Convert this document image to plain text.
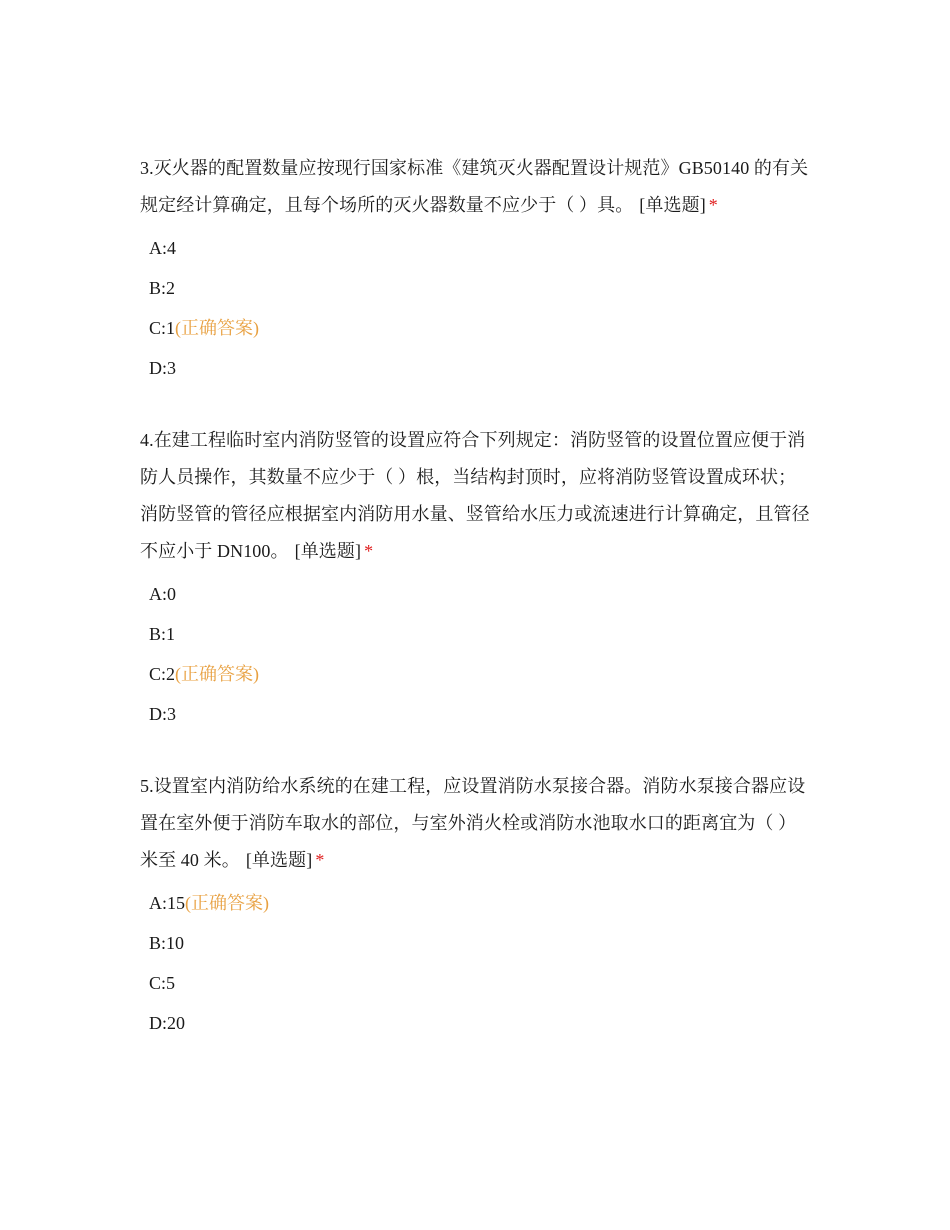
3.灭火器的配置数量应按现行国家标准《建筑灭火器配置设计规范》GB50140 的有关规定经计算确定，且每个场所的灭火器数量不应少于（ ）具。 [单选题] *

A:4
B:2
C:1(正确答案)
D:3

4.在建工程临时室内消防竖管的设置应符合下列规定：消防竖管的设置位置应便于消防人员操作，其数量不应少于（ ）根，当结构封顶时，应将消防竖管设置成环状；消防竖管的管径应根据室内消防用水量、竖管给水压力或流速进行计算确定，且管径不应小于 DN100。 [单选题] *

A:0
B:1
C:2(正确答案)
D:3

5.设置室内消防给水系统的在建工程，应设置消防水泵接合器。消防水泵接合器应设置在室外便于消防车取水的部位，与室外消火栓或消防水池取水口的距离宜为（ ）米至 40 米。 [单选题] *

A:15(正确答案)
B:10
C:5
D:20
